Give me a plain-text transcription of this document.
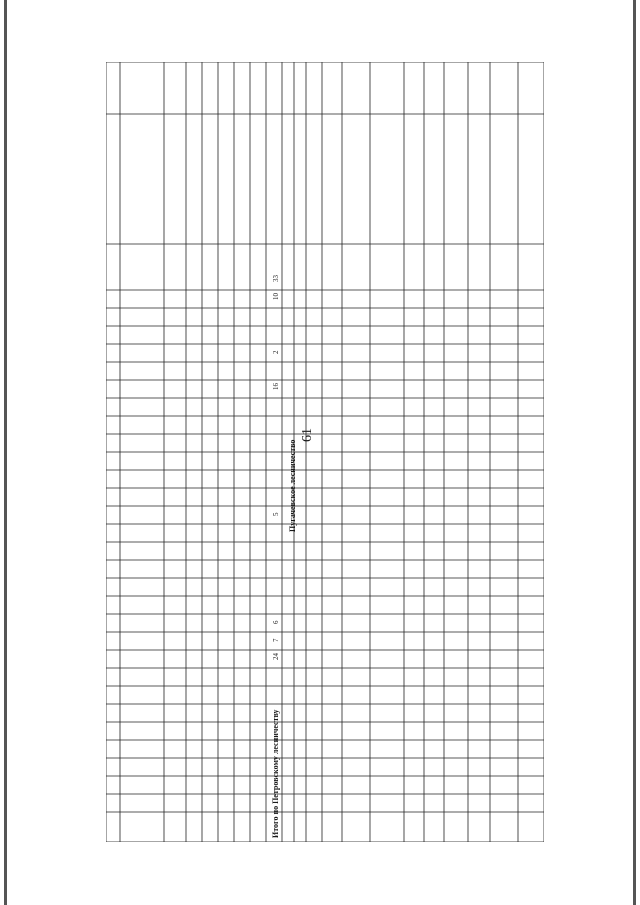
61
Пугачевское лесничество
Итого по Петровскому лесничеству
33
10
2
16
5
6
7
24
